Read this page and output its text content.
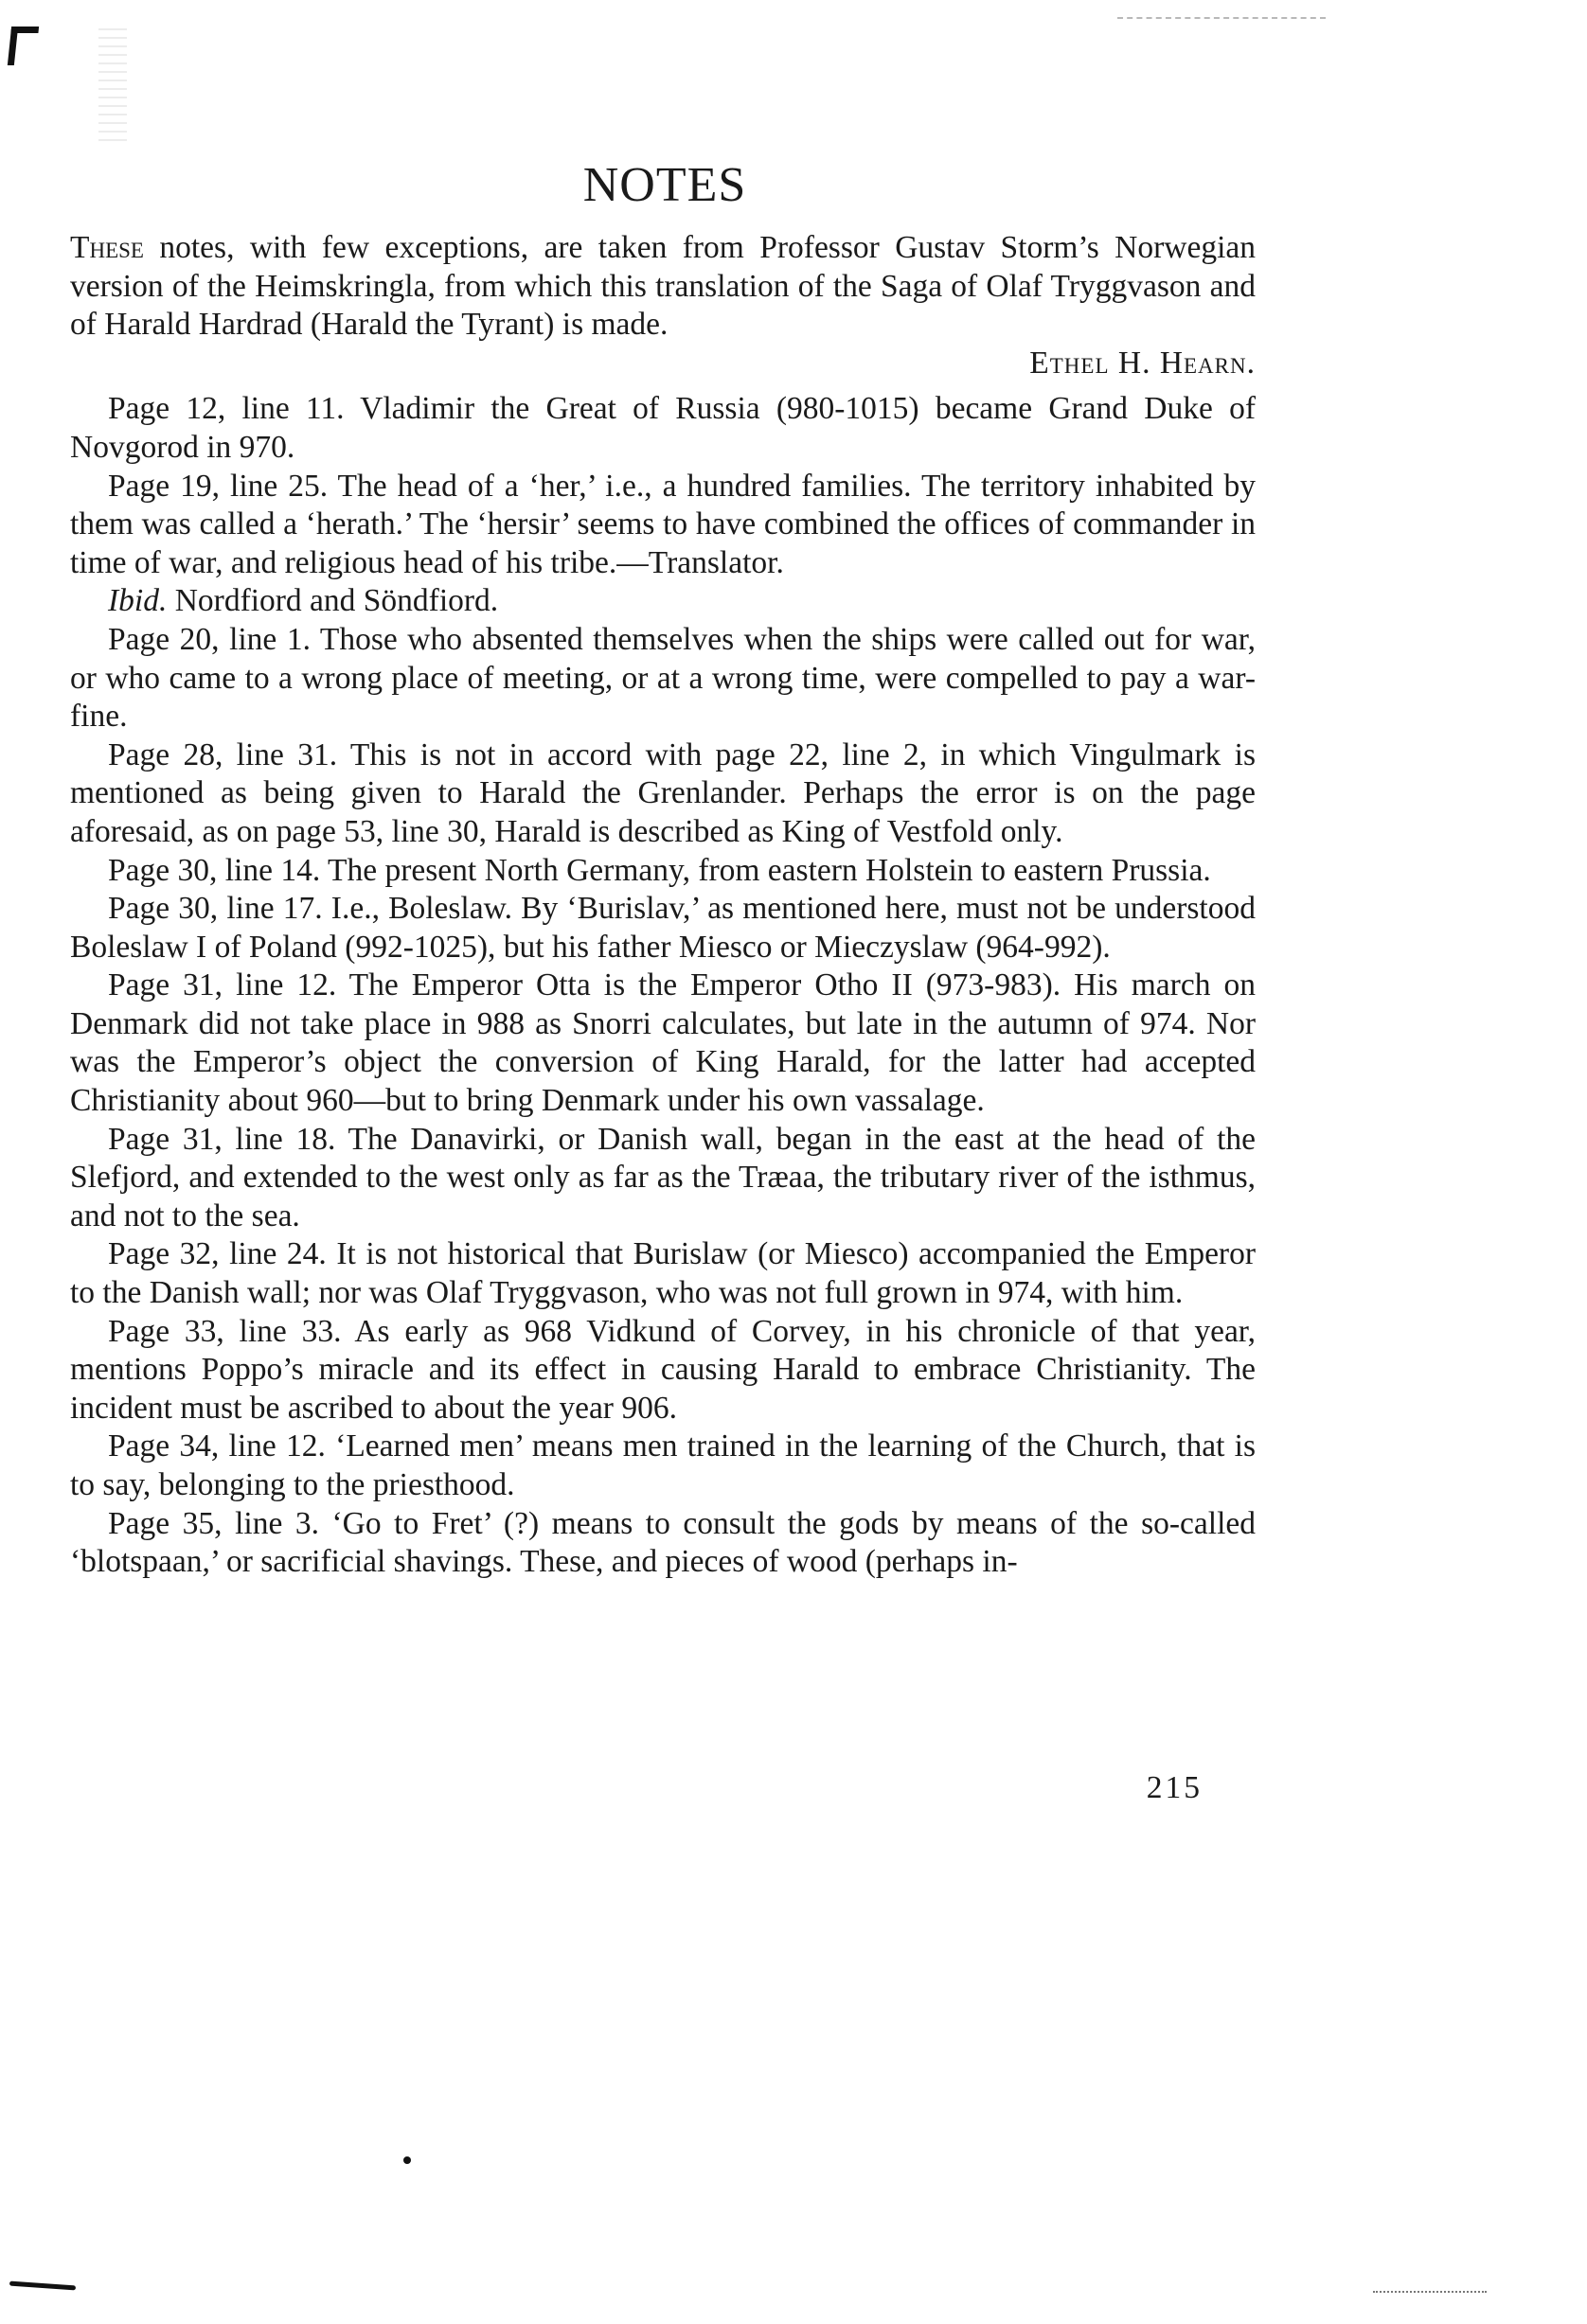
NOTES

These notes, with few exceptions, are taken from Professor Gustav Storm’s Norwegian version of the Heimskringla, from which this translation of the Saga of Olaf Tryggvason and of Harald Hardrad (Harald the Tyrant) is made.

Ethel H. Hearn.

Page 12, line 11. Vladimir the Great of Russia (980-1015) became Grand Duke of Novgorod in 970.

Page 19, line 25. The head of a ‘her,’ i.e., a hundred families. The territory inhabited by them was called a ‘herath.’ The ‘hersir’ seems to have combined the offices of commander in time of war, and religious head of his tribe.—Translator.

Ibid. Nordfiord and Söndfiord.

Page 20, line 1. Those who absented themselves when the ships were called out for war, or who came to a wrong place of meeting, or at a wrong time, were compelled to pay a war-fine.

Page 28, line 31. This is not in accord with page 22, line 2, in which Vingulmark is mentioned as being given to Harald the Grenlander. Perhaps the error is on the page aforesaid, as on page 53, line 30, Harald is described as King of Vestfold only.

Page 30, line 14. The present North Germany, from eastern Holstein to eastern Prussia.

Page 30, line 17. I.e., Boleslaw. By ‘Burislav,’ as mentioned here, must not be understood Boleslaw I of Poland (992-1025), but his father Miesco or Mieczyslaw (964-992).

Page 31, line 12. The Emperor Otta is the Emperor Otho II (973-983). His march on Denmark did not take place in 988 as Snorri calculates, but late in the autumn of 974. Nor was the Emperor’s object the conversion of King Harald, for the latter had accepted Christianity about 960—but to bring Denmark under his own vassalage.

Page 31, line 18. The Danavirki, or Danish wall, began in the east at the head of the Slefjord, and extended to the west only as far as the Træaa, the tributary river of the isthmus, and not to the sea.

Page 32, line 24. It is not historical that Burislaw (or Miesco) accompanied the Emperor to the Danish wall; nor was Olaf Tryggvason, who was not full grown in 974, with him.

Page 33, line 33. As early as 968 Vidkund of Corvey, in his chronicle of that year, mentions Poppo’s miracle and its effect in causing Harald to embrace Christianity. The incident must be ascribed to about the year 906.

Page 34, line 12. ‘Learned men’ means men trained in the learning of the Church, that is to say, belonging to the priesthood.

Page 35, line 3. ‘Go to Fret’ (?) means to consult the gods by means of the so-called ‘blotspaan,’ or sacrificial shavings. These, and pieces of wood (perhaps in-

215
